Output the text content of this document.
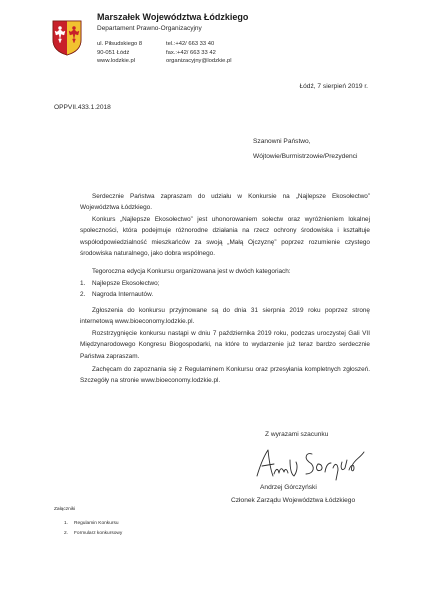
Marszałek Województwa Łódzkiego
Departament Prawno-Organizacyjny
ul. Piłsudskiego 8
90-051 Łódź
www.lodzkie.pl
tel.:+42/ 663 33 40
fax.:+42/ 663 33 42
organizacyjny@lodzkie.pl
Łódź, 7 sierpień 2019 r.
OPPVII.433.1.2018
Szanowni Państwo,
Wójtowie/Burmistrzowie/Prezydenci
Serdecznie Państwa zapraszam do udziału w Konkursie na „Najlepsze Ekosołectwo” Województwa Łódzkiego.
Konkurs „Najlepsze Ekosołectwo” jest uhonorowaniem sołectw oraz wyróżnieniem lokalnej społeczności, która podejmuje różnorodne działania na rzecz ochrony środowiska i kształtuje współodpowiedzialność mieszkańców za swoją „Małą Ojczyznę” poprzez rozumienie czystego środowiska naturalnego, jako dobra wspólnego.
Tegoroczna edycja Konkursu organizowana jest w dwóch kategoriach:
1. Najlepsze Ekosołectwo;
2. Nagroda Internautów.
Zgłoszenia do konkursu przyjmowane są do dnia 31 sierpnia 2019 roku poprzez stronę internetową www.bioeconomy.lodzkie.pl.
Rozstrzygnięcie konkursu nastąpi w dniu 7 października 2019 roku, podczas uroczystej Gali VII Międzynarodowego Kongresu Biogospodarki, na które to wydarzenie już teraz bardzo serdecznie Państwa zapraszam.
Zachęcam do zapoznania się z Regulaminem Konkursu oraz przesyłania kompletnych zgłoszeń. Szczegóły na stronie www.bioeconomy.lodzkie.pl.
Z wyrazami szacunku
Andrzej Górczyński
Członek Zarządu Województwa Łódzkiego
Załączniki
1. Regulamin Konkursu
2. Formularz konkursowy
